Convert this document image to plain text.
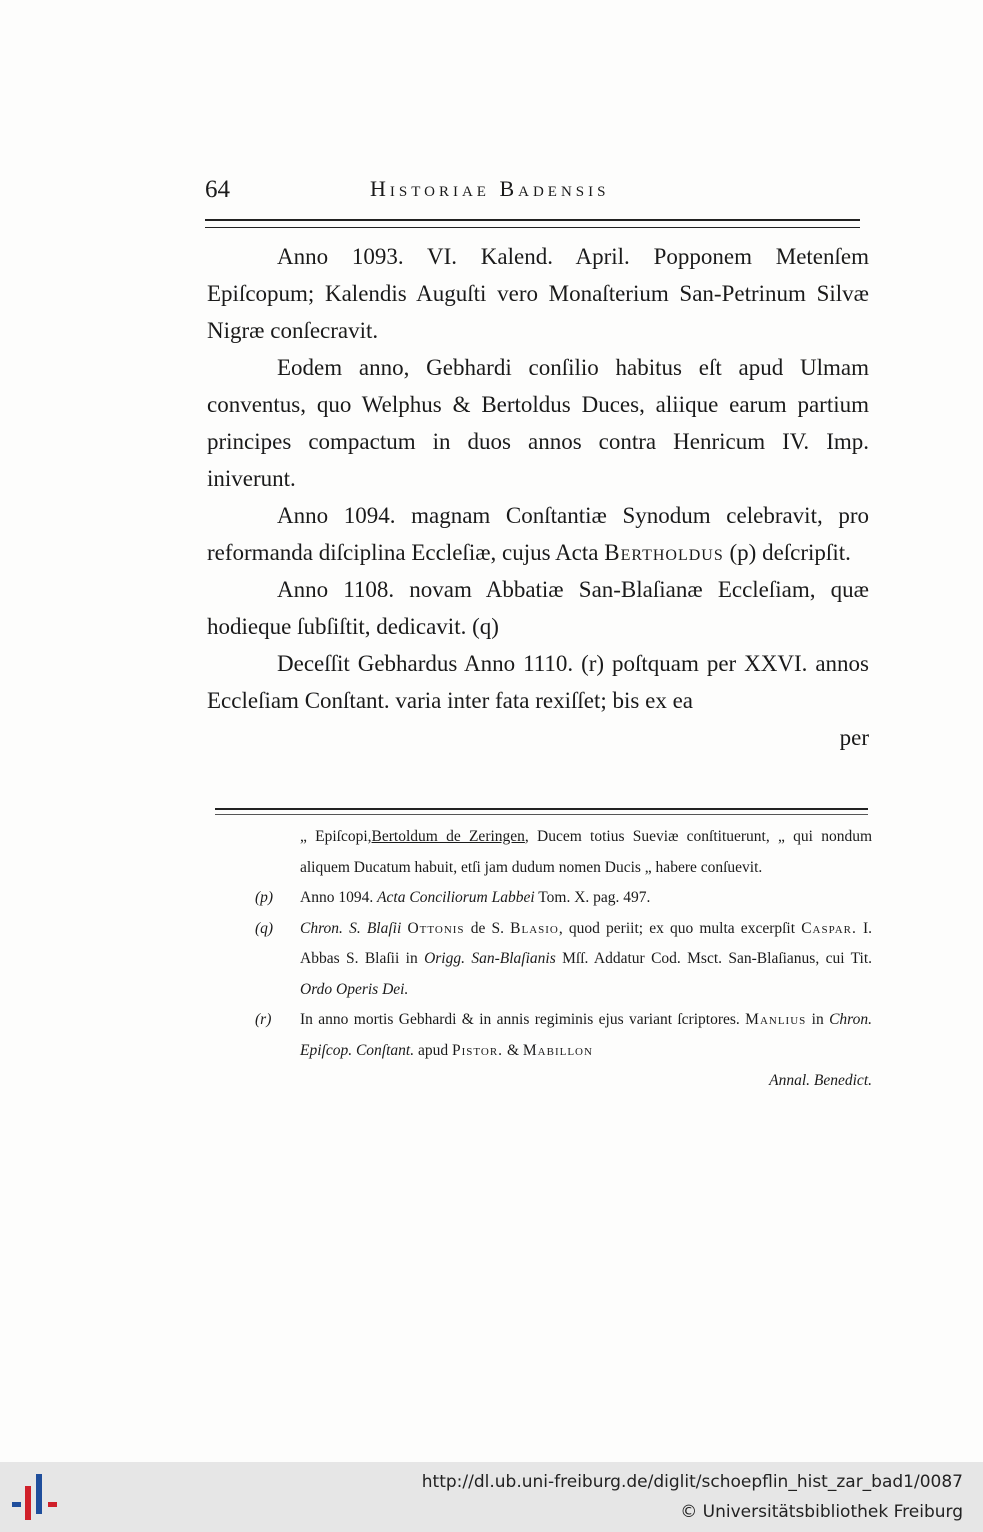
64	Historiae Badensis

Anno 1093. VI. Kalend. April. Popponem Metenſem Epiſcopum; Kalendis Auguſti vero Monaſterium San-Petrinum Silvæ Nigræ conſecravit.

Eodem anno, Gebhardi conſilio habitus eſt apud Ulmam conventus, quo Welphus & Bertoldus Duces, aliique earum partium principes compactum in duos annos contra Henricum IV. Imp. iniverunt.

Anno 1094. magnam Conſtantiæ Synodum celebravit, pro reformanda diſciplina Eccleſiæ, cujus Acta Bertholdus (p) deſcripſit.

Anno 1108. novam Abbatiæ San-Blaſianæ Eccleſiam, quæ hodieque ſubſiſtit, dedicavit. (q)

Deceſſit Gebhardus Anno 1110. (r) poſtquam per XXVI. annos Eccleſiam Conſtant. varia inter fata rexiſſet; bis ex ea

per

„ Epiſcopi,Bertoldum de Zeringen, Ducem totius Sueviæ conſtituerunt, „ qui nondum aliquem Ducatum habuit, etſi jam dudum nomen Ducis „ habere conſuevit.
(p) Anno 1094. Acta Conciliorum Labbei Tom. X. pag. 497.
(q) Chron. S. Blaſii Ottonis de S. Blasio, quod periit; ex quo multa excerpſit Caspar. I. Abbas S. Blaſii in Origg. San-Blaſianis Mſſ. Addatur Cod. Msct. San-Blaſianus, cui Tit. Ordo Operis Dei.
(r) In anno mortis Gebhardi & in annis regiminis ejus variant ſcriptores. Manlius in Chron. Epiſcop. Conſtant. apud Pistor. & Mabillon
Annal. Benedict.
http://dl.ub.uni-freiburg.de/diglit/schoepflin_hist_zar_bad1/0087
© Universitätsbibliothek Freiburg
